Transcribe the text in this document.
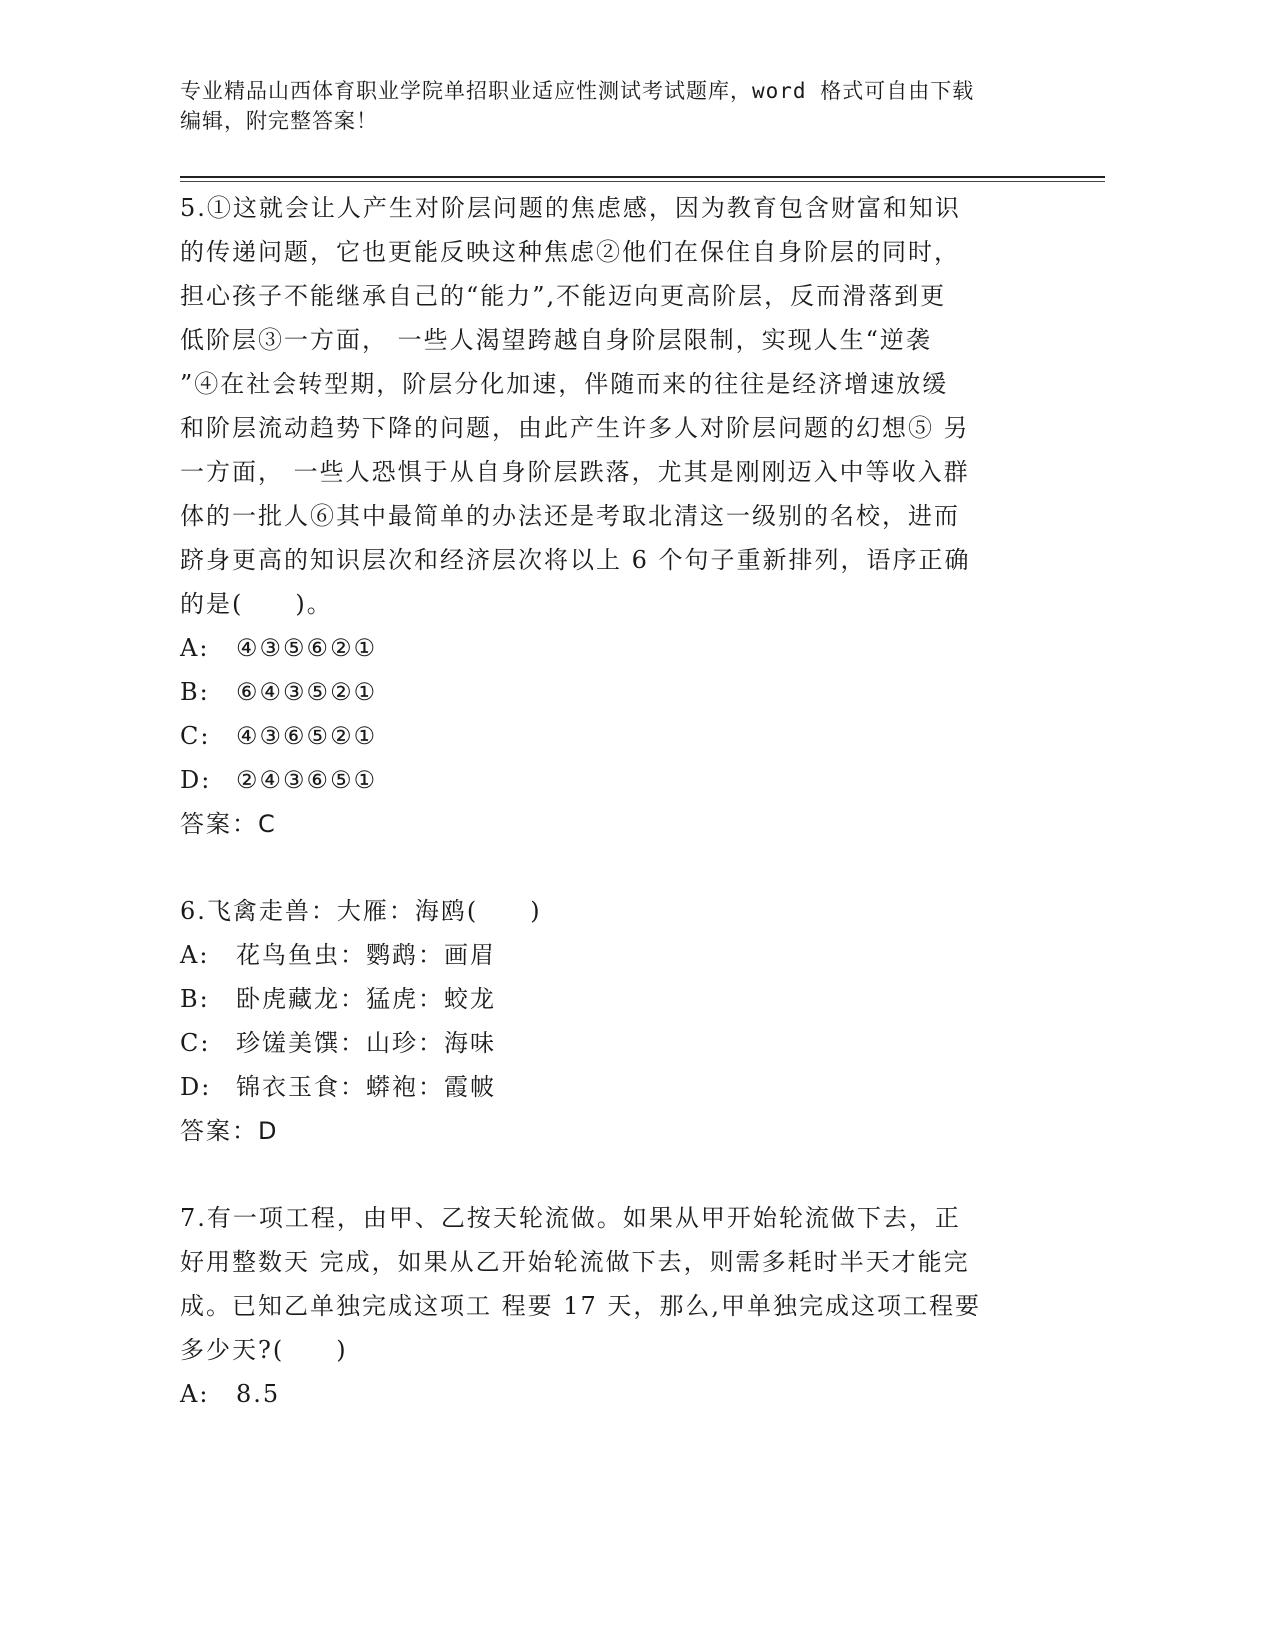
专业精品山西体育职业学院单招职业适应性测试考试题库，word 格式可自由下载
编辑，附完整答案！

5.①这就会让人产生对阶层问题的焦虑感，因为教育包含财富和知识

的传递问题，它也更能反映这种焦虑②他们在保住自身阶层的同时，

担心孩子不能继承自己的“能力”,不能迈向更高阶层，反而滑落到更

低阶层③一方面， 一些人渴望跨越自身阶层限制，实现人生“逆袭

”④在社会转型期，阶层分化加速，伴随而来的往往是经济增速放缓

和阶层流动趋势下降的问题，由此产生许多人对阶层问题的幻想⑤ 另

一方面， 一些人恐惧于从自身阶层跌落，尤其是刚刚迈入中等收入群

体的一批人⑥其中最简单的办法还是考取北清这一级别的名校，进而

跻身更高的知识层次和经济层次将以上 6 个句子重新排列，语序正确

的是(　　)。

A:	④③⑤⑥②①
B:	⑥④③⑤②①
C:	④③⑥⑤②①
D:	②④③⑥⑤①

答案：C

6.飞禽走兽：大雁：海鸥(　　)

A:	花鸟鱼虫：鹦鹉：画眉
B:	卧虎藏龙：猛虎：蛟龙
C:	珍馐美馔：山珍：海味
D:	锦衣玉食：蟒袍：霞帔

答案：D

7.有一项工程，由甲、乙按天轮流做。如果从甲开始轮流做下去，正

好用整数天 完成，如果从乙开始轮流做下去，则需多耗时半天才能完

成。已知乙单独完成这项工 程要 17 天，那么,甲单独完成这项工程要

多少天?(　　)

A:	8.5
